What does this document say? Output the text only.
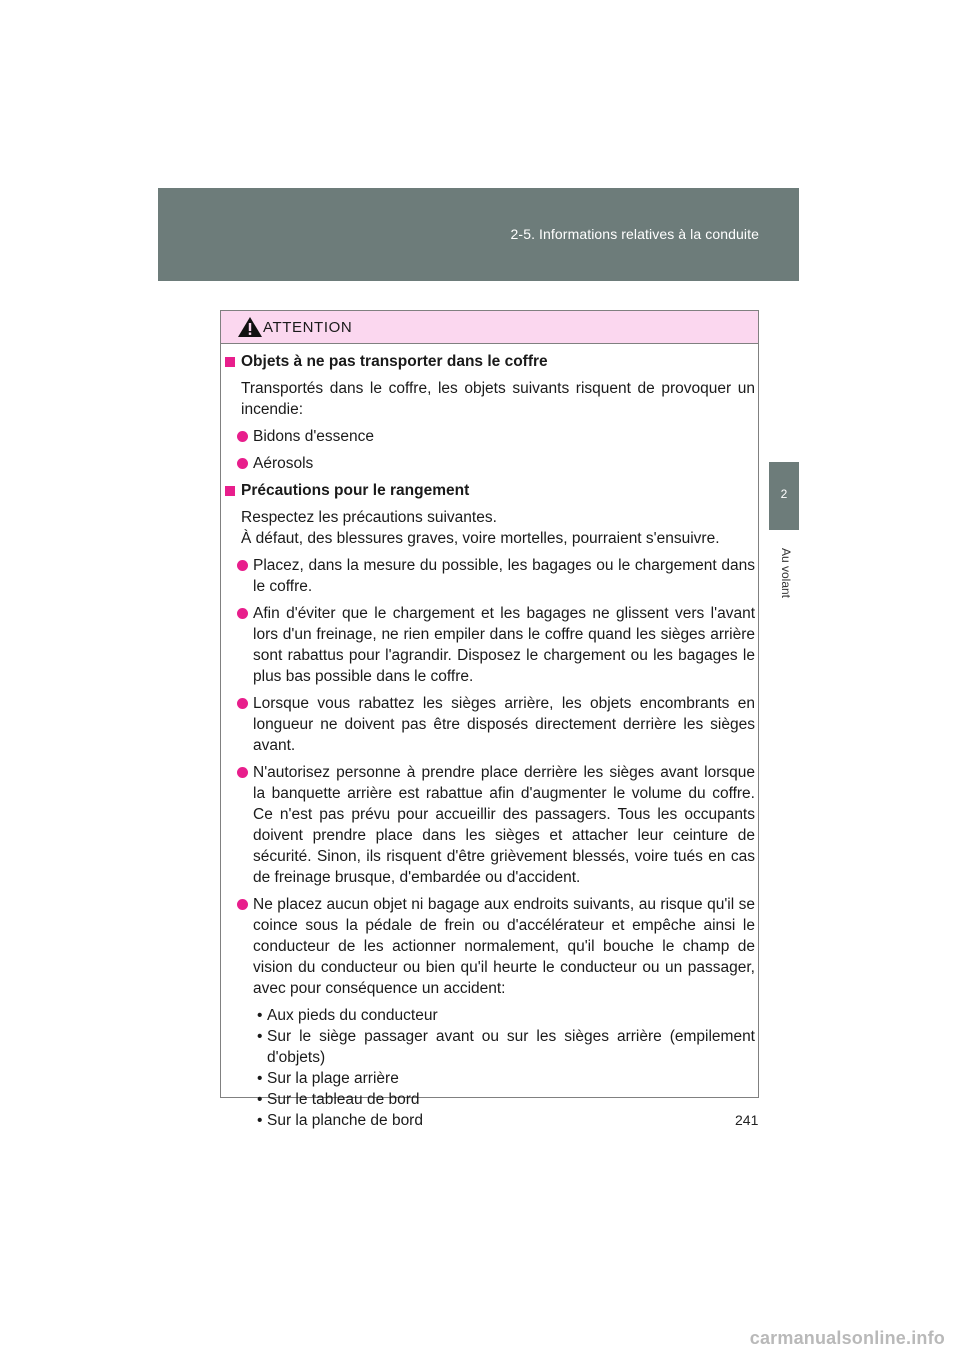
2-5. Informations relatives à la conduite
2
Au volant
ATTENTION
Objets à ne pas transporter dans le coffre
Transportés dans le coffre, les objets suivants risquent de provoquer un incendie:
Bidons d'essence
Aérosols
Précautions pour le rangement
Respectez les précautions suivantes.
À défaut, des blessures graves, voire mortelles, pourraient s'ensuivre.
Placez, dans la mesure du possible, les bagages ou le chargement dans le coffre.
Afin d'éviter que le chargement et les bagages ne glissent vers l'avant lors d'un freinage, ne rien empiler dans le coffre quand les sièges arrière sont rabattus pour l'agrandir. Disposez le chargement ou les bagages le plus bas possible dans le coffre.
Lorsque vous rabattez les sièges arrière, les objets encombrants en longueur ne doivent pas être disposés directement derrière les sièges avant.
N'autorisez personne à prendre place derrière les sièges avant lorsque la banquette arrière est rabattue afin d'augmenter le volume du coffre. Ce n'est pas prévu pour accueillir des passagers. Tous les occupants doivent prendre place dans les sièges et attacher leur ceinture de sécurité. Sinon, ils risquent d'être grièvement blessés, voire tués en cas de freinage brusque, d'embardée ou d'accident.
Ne placez aucun objet ni bagage aux endroits suivants, au risque qu'il se coince sous la pédale de frein ou d'accélérateur et empêche ainsi le conducteur de les actionner normalement, qu'il bouche le champ de vision du conducteur ou bien qu'il heurte le conducteur ou un passager, avec pour conséquence un accident:
• Aux pieds du conducteur
• Sur le siège passager avant ou sur les sièges arrière (empilement d'objets)
• Sur la plage arrière
• Sur le tableau de bord
• Sur la planche de bord	241
carmanualsonline.info
